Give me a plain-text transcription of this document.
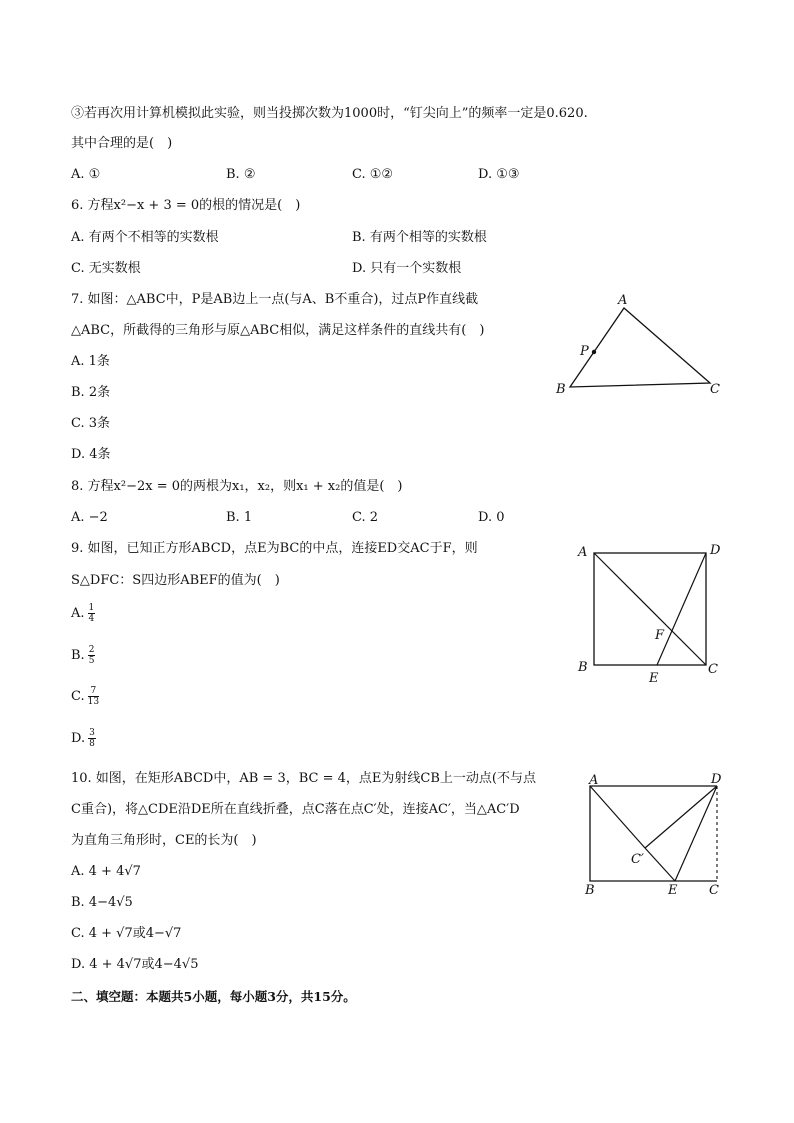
③若再次用计算机模拟此实验，则当投掷次数为1000时，“钉尖向上”的频率一定是0.620.
其中合理的是(　)
A. ①	B. ②	C. ①②	D. ①③
6. 方程x²−x + 3 = 0的根的情况是(　)
A. 有两个不相等的实数根	B. 有两个相等的实数根
C. 无实数根	D. 只有一个实数根
7. 如图：△ABC中，P是AB边上一点(与A、B不重合)，过点P作直线截
△ABC，所截得的三角形与原△ABC相似，满足这样条件的直线共有(　)
A. 1条
B. 2条
C. 3条
D. 4条
A
B	C
P
8. 方程x²−2x = 0的两根为x₁，x₂，则x₁ + x₂的值是(　)
A. −2	B. 1	C. 2	D. 0
9. 如图，已知正方形ABCD，点E为BC的中点，连接ED交AC于F，则
S△DFC：S四边形ABEF的值为(　)
A. $\frac{1}{4}$
B. $\frac{2}{5}$
C. $\frac{7}{13}$
D. $\frac{3}{8}$
A	D
B	C
E
F
10. 如图，在矩形ABCD中，AB = 3，BC = 4，点E为射线CB上一动点(不与点
C重合)，将△CDE沿DE所在直线折叠，点C落在点C′处，连接AC′，当△AC′D
为直角三角形时，CE的长为(　)
A. 4 + 4√7
B. 4−4√5
C. 4 + √7或4−√7
D. 4 + 4√7或4−4√5
A	D
B	E C
C′
二、填空题：本题共5小题，每小题3分，共15分。
